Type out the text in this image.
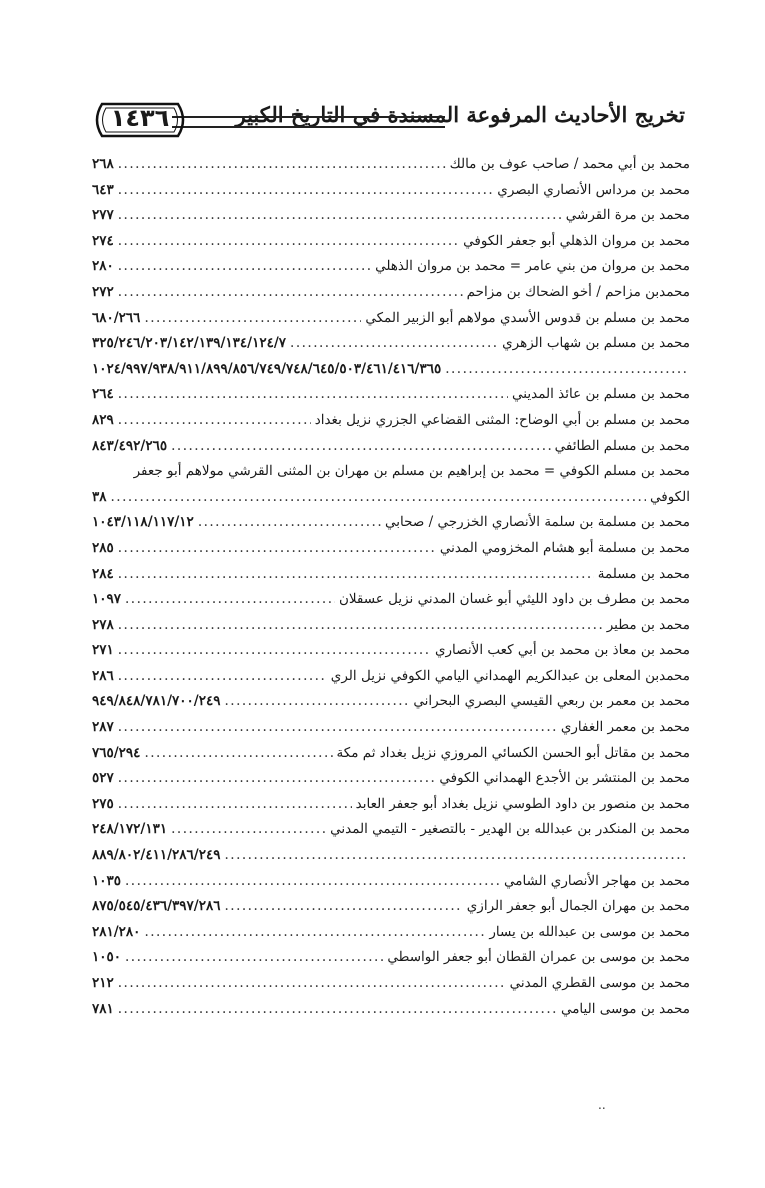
تخريج الأحاديث المرفوعة المسندة في التاريخ الكبير
١٤٣٦
محمد بن أبي محمد / صاحب عوف بن مالك
.....
٢٦٨
محمد بن مرداس الأنصاري البصري
.....
٦٤٣
محمد بن مرة القرشي
.....
٢٧٧
محمد بن مروان الذهلي أبو جعفر الكوفي
.....
٢٧٤
محمد بن مروان من بني عامر = محمد بن مروان الذهلي
.....
٢٨٠
محمدبن مزاحم / أخو الضحاك بن مزاحم
.....
٢٧٢
محمد بن مسلم بن قدوس الأسدي مولاهم أبو الزبير المكي
.....
٦٨٠/٢٦٦
محمد بن مسلم بن شهاب الزهري
.....
٣٢٥/٢٤٦/٢٠٣/١٤٢/١٣٩/١٣٤/١٢٤/٧
.....
١٠٢٤/٩٩٧/٩٣٨/٩١١/٨٩٩/٨٥٦/٧٤٩/٧٤٨/٦٤٥/٥٠٣/٤٦١/٤١٦/٣٦٥
محمد بن مسلم بن عائذ المديني
.....
٢٦٤
محمد بن مسلم بن أبي الوضاح: المثنى القضاعي الجزري نزيل بغداد
.....
٨٢٩
محمد بن مسلم الطائفي
.....
٨٤٣/٤٩٢/٢٦٥
محمد بن مسلم الكوفي = محمد بن إبراهيم بن مسلم بن مهران بن المثنى القرشي مولاهم أبو جعفر
الكوفي
.....
٣٨
محمد بن مسلمة بن سلمة الأنصاري الخزرجي / صحابي
.....
١٠٤٣/١١٨/١١٧/١٢
محمد بن مسلمة أبو هشام المخزومي المدني
.....
٢٨٥
محمد بن مسلمة
.....
٢٨٤
محمد بن مطرف بن داود الليثي أبو غسان المدني نزيل عسقلان
.....
١٠٩٧
محمد بن مطير
.....
٢٧٨
محمد بن معاذ بن محمد بن أبي كعب الأنصاري
.....
٢٧١
محمدبن المعلى بن عبدالكريم الهمداني اليامي الكوفي نزيل الري
.....
٢٨٦
محمد بن معمر بن ربعي القيسي البصري البحراني
.....
٩٤٩/٨٤٨/٧٨١/٧٠٠/٢٤٩
محمد بن معمر الغفاري
.....
٢٨٧
محمد بن مقاتل أبو الحسن الكسائي المروزي نزيل بغداد ثم مكة
.....
٧٦٥/٢٩٤
محمد بن المنتشر بن الأجدع الهمداني الكوفي
.....
٥٢٧
محمد بن منصور بن داود الطوسي نزيل بغداد أبو جعفر العابد
.....
٢٧٥
محمد بن المنكدر بن عبدالله بن الهدير - بالتصغير - التيمي المدني
.....
٢٤٨/١٧٢/١٣١
.....
٨٨٩/٨٠٢/٤١١/٢٨٦/٢٤٩
محمد بن مهاجر الأنصاري الشامي
.....
١٠٣٥
محمد بن مهران الجمال أبو جعفر الرازي
.....
٨٧٥/٥٤٥/٤٣٦/٣٩٧/٢٨٦
محمد بن موسى بن عبدالله بن يسار
.....
٢٨١/٢٨٠
محمد بن موسى بن عمران القطان أبو جعفر الواسطي
.....
١٠٥٠
محمد بن موسى القطري المدني
.....
٢١٢
محمد بن موسى اليامي
.....
٧٨١
..
